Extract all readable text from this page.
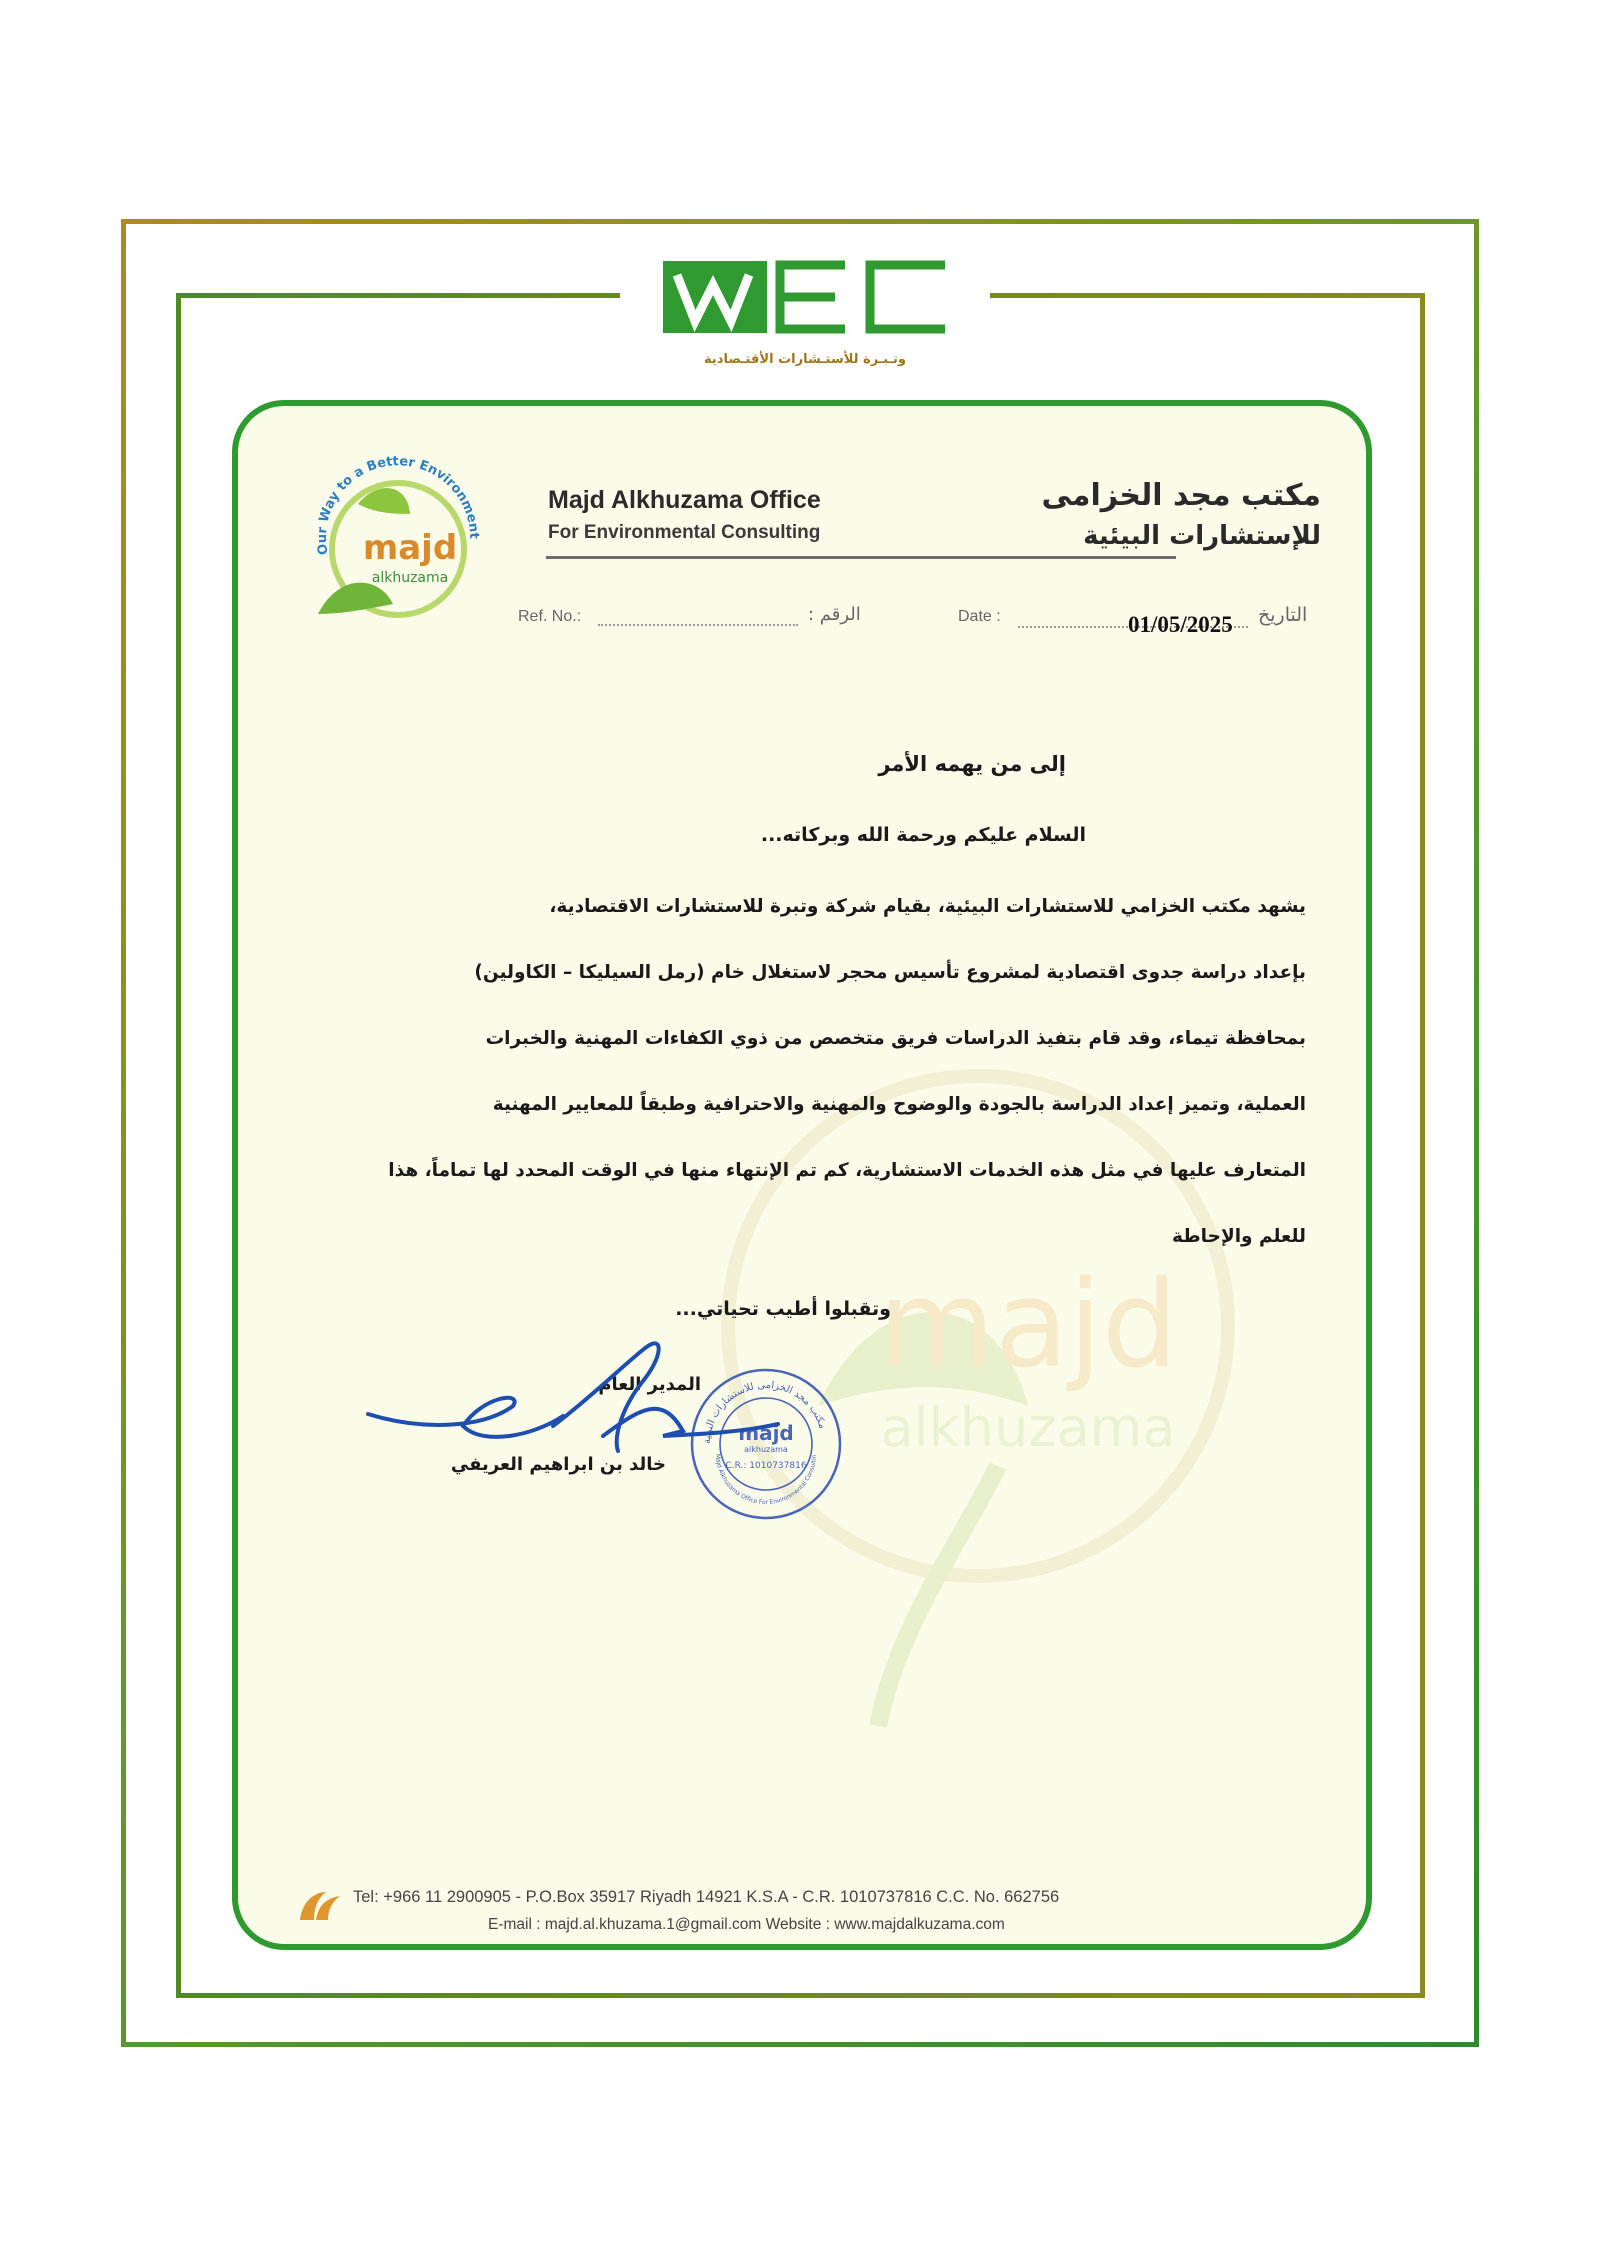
وتـبـرة للأستـشارات الأقتـصادية
majd
alkhuzama
Our Way to a Better Environment
majd
alkhuzama
Majd Alkhuzama Office
For Environmental Consulting
مكتب مجد الخزامى
للإستشارات البيئية
Ref. No.:	الرقم :	Date :	01/05/2025 التاريخ
إلى من يهمه الأمر
السلام عليكم ورحمة الله وبركاته...
يشهد مكتب الخزامي للاستشارات البيئية، بقيام شركة وتبرة للاستشارات الاقتصادية،
بإعداد دراسة جدوى اقتصادية لمشروع تأسيس محجر لاستغلال خام (رمل السيليكا – الكاولين)
بمحافظة تيماء، وقد قام بتفيذ الدراسات فريق متخصص من ذوي الكفاءات المهنية والخبرات
العملية، وتميز إعداد الدراسة بالجودة والوضوح والمهنية والاحترافية وطبقاً للمعايير المهنية
المتعارف عليها في مثل هذه الخدمات الاستشارية، كم تم الإنتهاء منها في الوقت المحدد لها تماماً، هذا
للعلم والإحاطة
وتقبلوا أطيب تحياتي...
المدير العام
مكتب مجد الخزامى للاستشارات البيئية
Majd Alkhuzama Office For Environmental Consultin
majd
alkhuzama
C.R.: 1010737816
خالد بن ابراهيم العريفي
Tel: +966 11 2900905 - P.O.Box 35917 Riyadh 14921 K.S.A - C.R. 1010737816 C.C. No. 662756
E-mail : majd.al.khuzama.1@gmail.com Website : www.majdalkuzama.com
